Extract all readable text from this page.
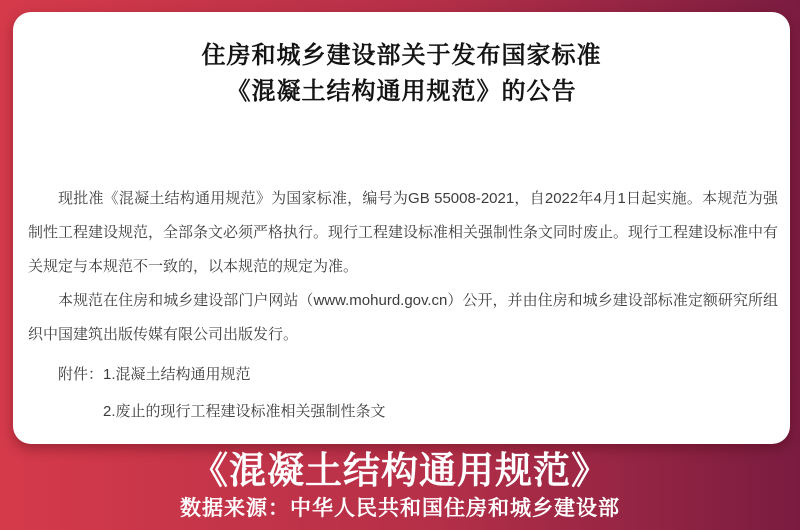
住房和城乡建设部关于发布国家标准
《混凝土结构通用规范》的公告

现批准《混凝土结构通用规范》为国家标准，编号为GB 55008-2021，自2022年4月1日起实施。本规范为强制性工程建设规范，全部条文必须严格执行。现行工程建设标准相关强制性条文同时废止。现行工程建设标准中有关规定与本规范不一致的，以本规范的规定为准。

本规范在住房和城乡建设部门户网站（www.mohurd.gov.cn）公开，并由住房和城乡建设部标准定额研究所组织中国建筑出版传媒有限公司出版发行。

附件： 1.混凝土结构通用规范
2.废止的现行工程建设标准相关强制性条文
《混凝土结构通用规范》
数据来源：中华人民共和国住房和城乡建设部
